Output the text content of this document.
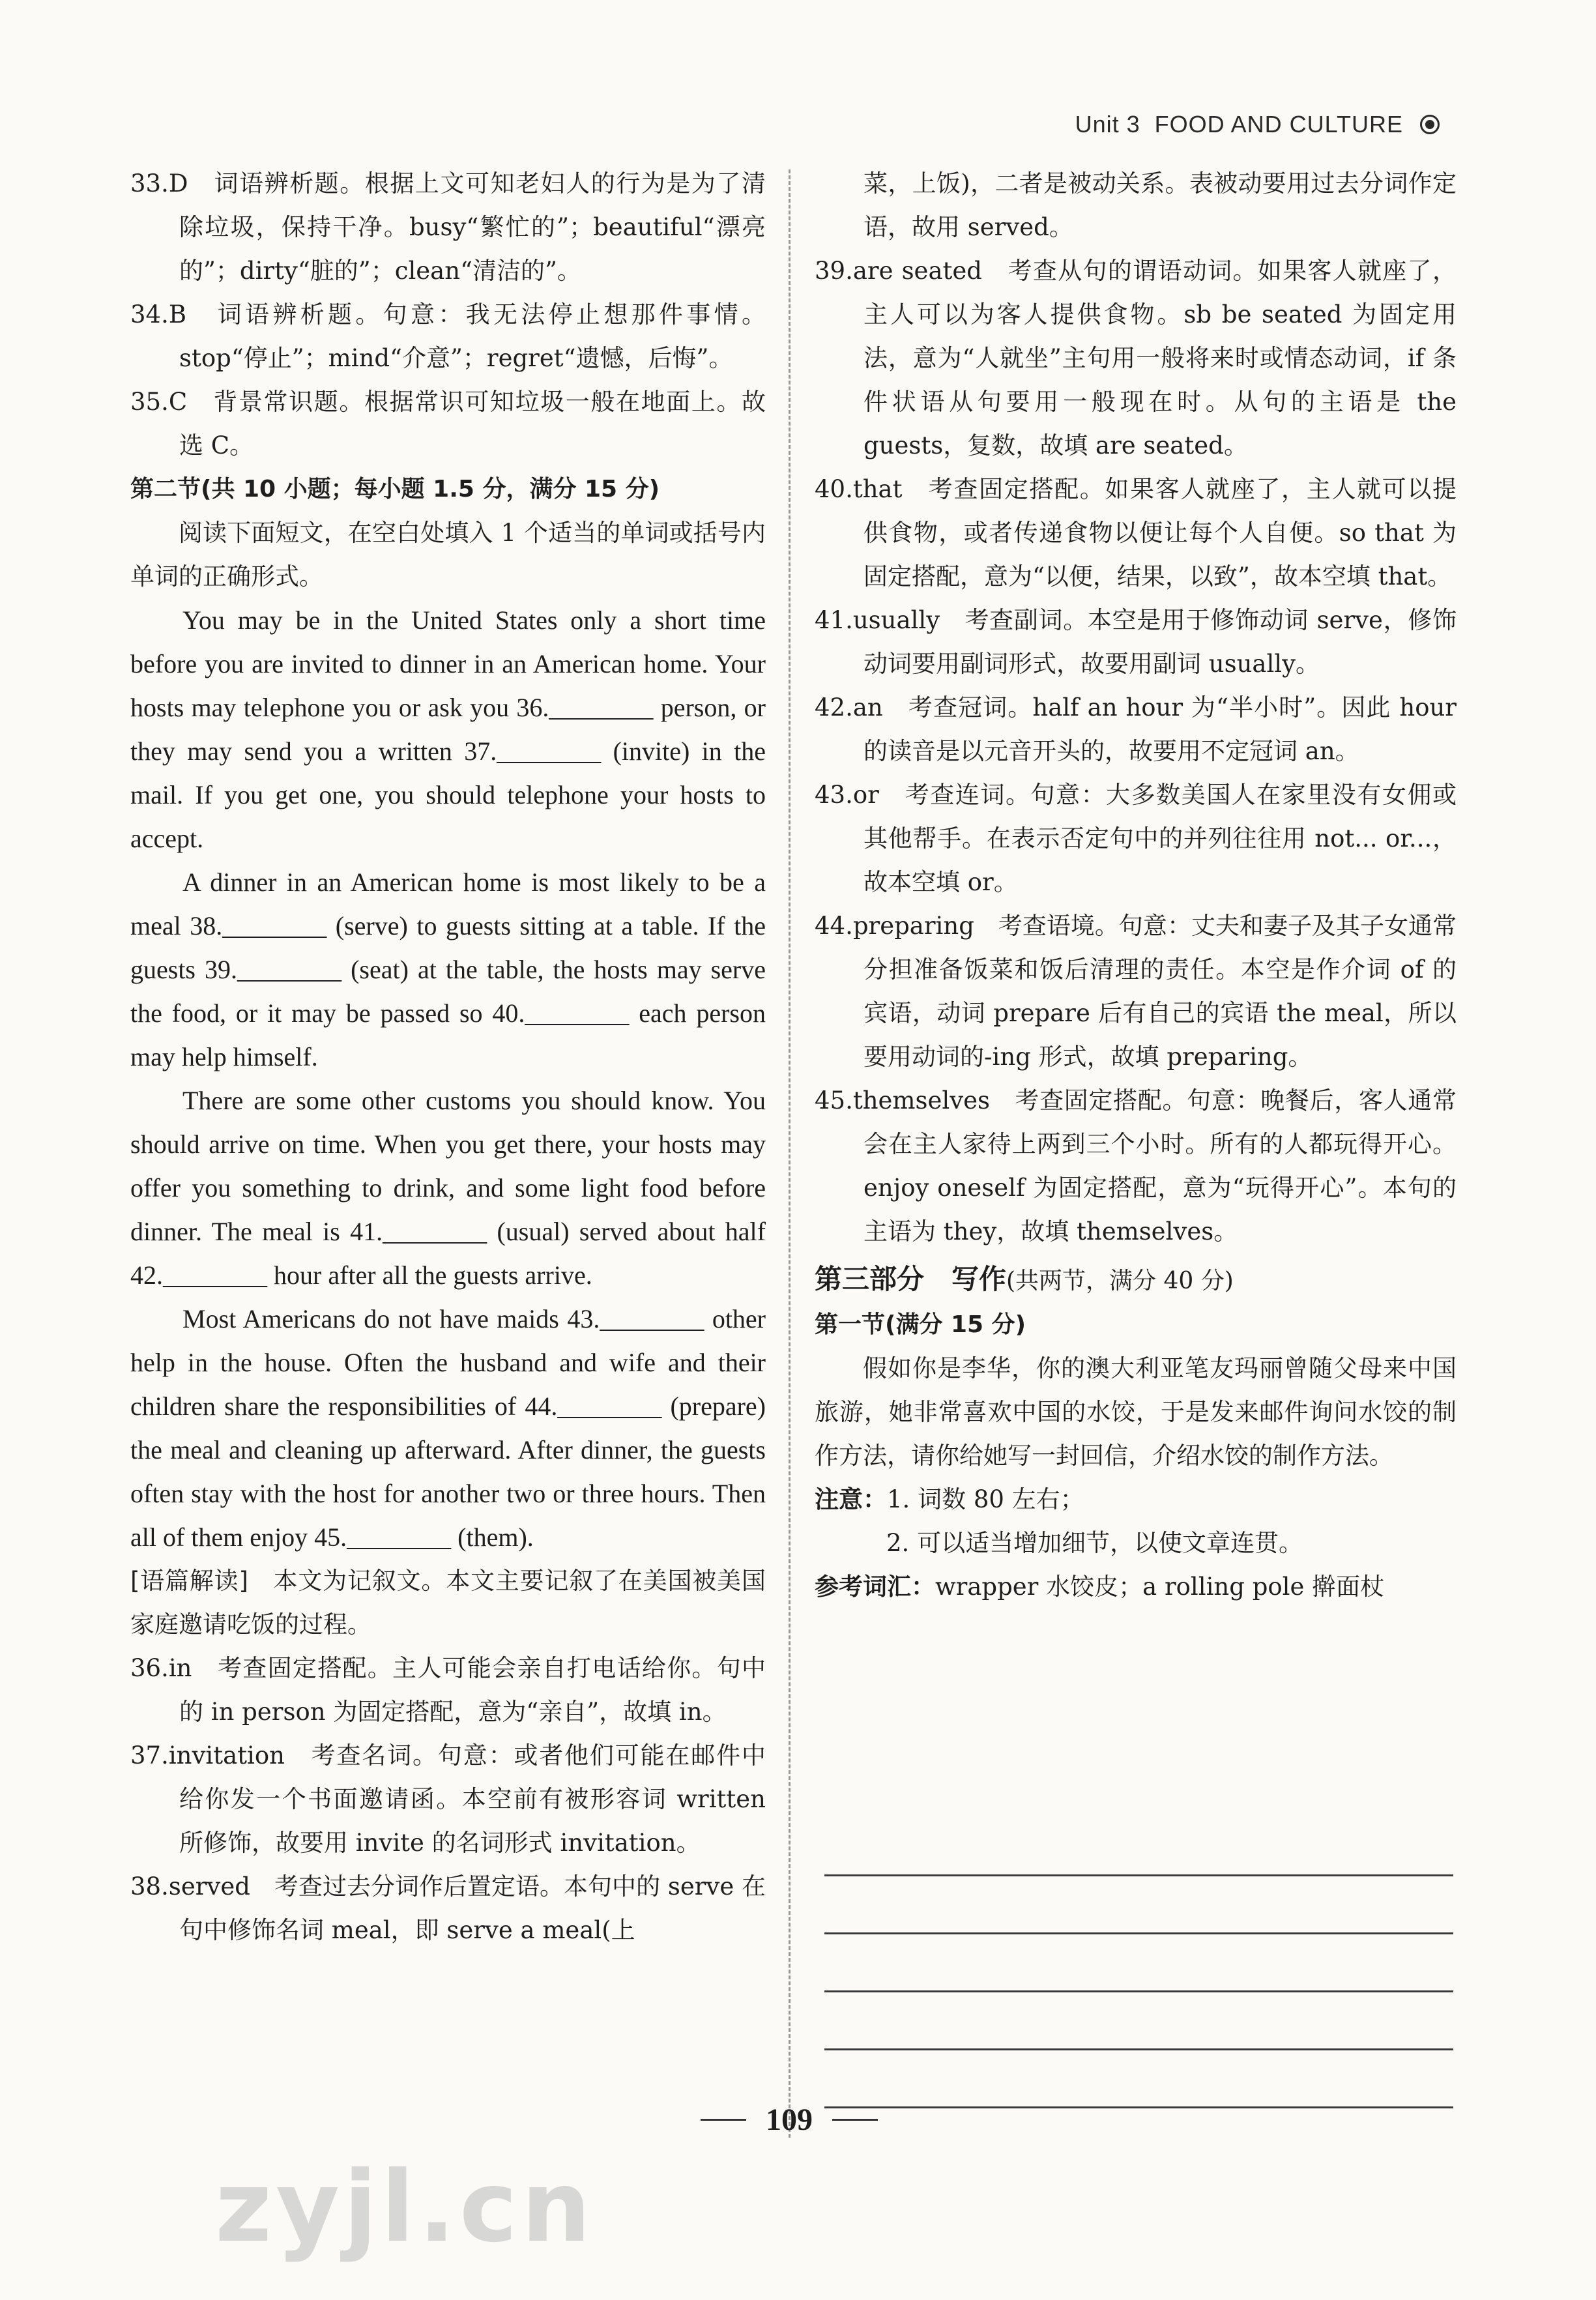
Unit 3 FOOD AND CULTURE

33.D　词语辨析题。根据上文可知老妇人的行为是为了清除垃圾，保持干净。busy“繁忙的”；beautiful“漂亮的”；dirty“脏的”；clean“清洁的”。

34.B　词语辨析题。句意：我无法停止想那件事情。stop“停止”；mind“介意”；regret“遗憾，后悔”。

35.C　背景常识题。根据常识可知垃圾一般在地面上。故选 C。

第二节(共 10 小题；每小题 1.5 分，满分 15 分)

阅读下面短文，在空白处填入 1 个适当的单词或括号内单词的正确形式。

You may be in the United States only a short time before you are invited to dinner in an American home. Your hosts may telephone you or ask you 36.________ person, or they may send you a written 37.________ (invite) in the mail. If you get one, you should telephone your hosts to accept.

A dinner in an American home is most likely to be a meal 38.________ (serve) to guests sitting at a table. If the guests 39.________ (seat) at the table, the hosts may serve the food, or it may be passed so 40.________ each person may help himself.

There are some other customs you should know. You should arrive on time. When you get there, your hosts may offer you something to drink, and some light food before dinner. The meal is 41.________ (usual) served about half 42.________ hour after all the guests arrive.

Most Americans do not have maids 43.________ other help in the house. Often the husband and wife and their children share the responsibilities of 44.________ (prepare) the meal and cleaning up afterward. After dinner, the guests often stay with the host for another two or three hours. Then all of them enjoy 45.________ (them).

[语篇解读]　本文为记叙文。本文主要记叙了在美国被美国家庭邀请吃饭的过程。

36.in　考查固定搭配。主人可能会亲自打电话给你。句中的 in person 为固定搭配，意为“亲自”，故填 in。

37.invitation　考查名词。句意：或者他们可能在邮件中给你发一个书面邀请函。本空前有被形容词 written 所修饰，故要用 invite 的名词形式 invitation。

38.served　考查过去分词作后置定语。本句中的 serve 在句中修饰名词 meal，即 serve a meal(上

菜，上饭)，二者是被动关系。表被动要用过去分词作定语，故用 served。

39.are seated　考查从句的谓语动词。如果客人就座了，主人可以为客人提供食物。sb be seated 为固定用法，意为“人就坐”主句用一般将来时或情态动词，if 条件状语从句要用一般现在时。从句的主语是 the guests，复数，故填 are seated。

40.that　考查固定搭配。如果客人就座了，主人就可以提供食物，或者传递食物以便让每个人自便。so that 为固定搭配，意为“以便，结果，以致”，故本空填 that。

41.usually　考查副词。本空是用于修饰动词 serve，修饰动词要用副词形式，故要用副词 usually。

42.an　考查冠词。half an hour 为“半小时”。因此 hour 的读音是以元音开头的，故要用不定冠词 an。

43.or　考查连词。句意：大多数美国人在家里没有女佣或其他帮手。在表示否定句中的并列往往用 not... or...，故本空填 or。

44.preparing　考查语境。句意：丈夫和妻子及其子女通常分担准备饭菜和饭后清理的责任。本空是作介词 of 的宾语，动词 prepare 后有自己的宾语 the meal，所以要用动词的-ing 形式，故填 preparing。

45.themselves　考查固定搭配。句意：晚餐后，客人通常会在主人家待上两到三个小时。所有的人都玩得开心。enjoy oneself 为固定搭配，意为“玩得开心”。本句的主语为 they，故填 themselves。

第三部分　写作(共两节，满分 40 分)

第一节(满分 15 分)

假如你是李华，你的澳大利亚笔友玛丽曾随父母来中国旅游，她非常喜欢中国的水饺，于是发来邮件询问水饺的制作方法，请你给她写一封回信，介绍水饺的制作方法。

注意：1. 词数 80 左右；

2. 可以适当增加细节，以使文章连贯。

参考词汇：wrapper 水饺皮；a rolling pole 擀面杖

109
zyjl.cn
